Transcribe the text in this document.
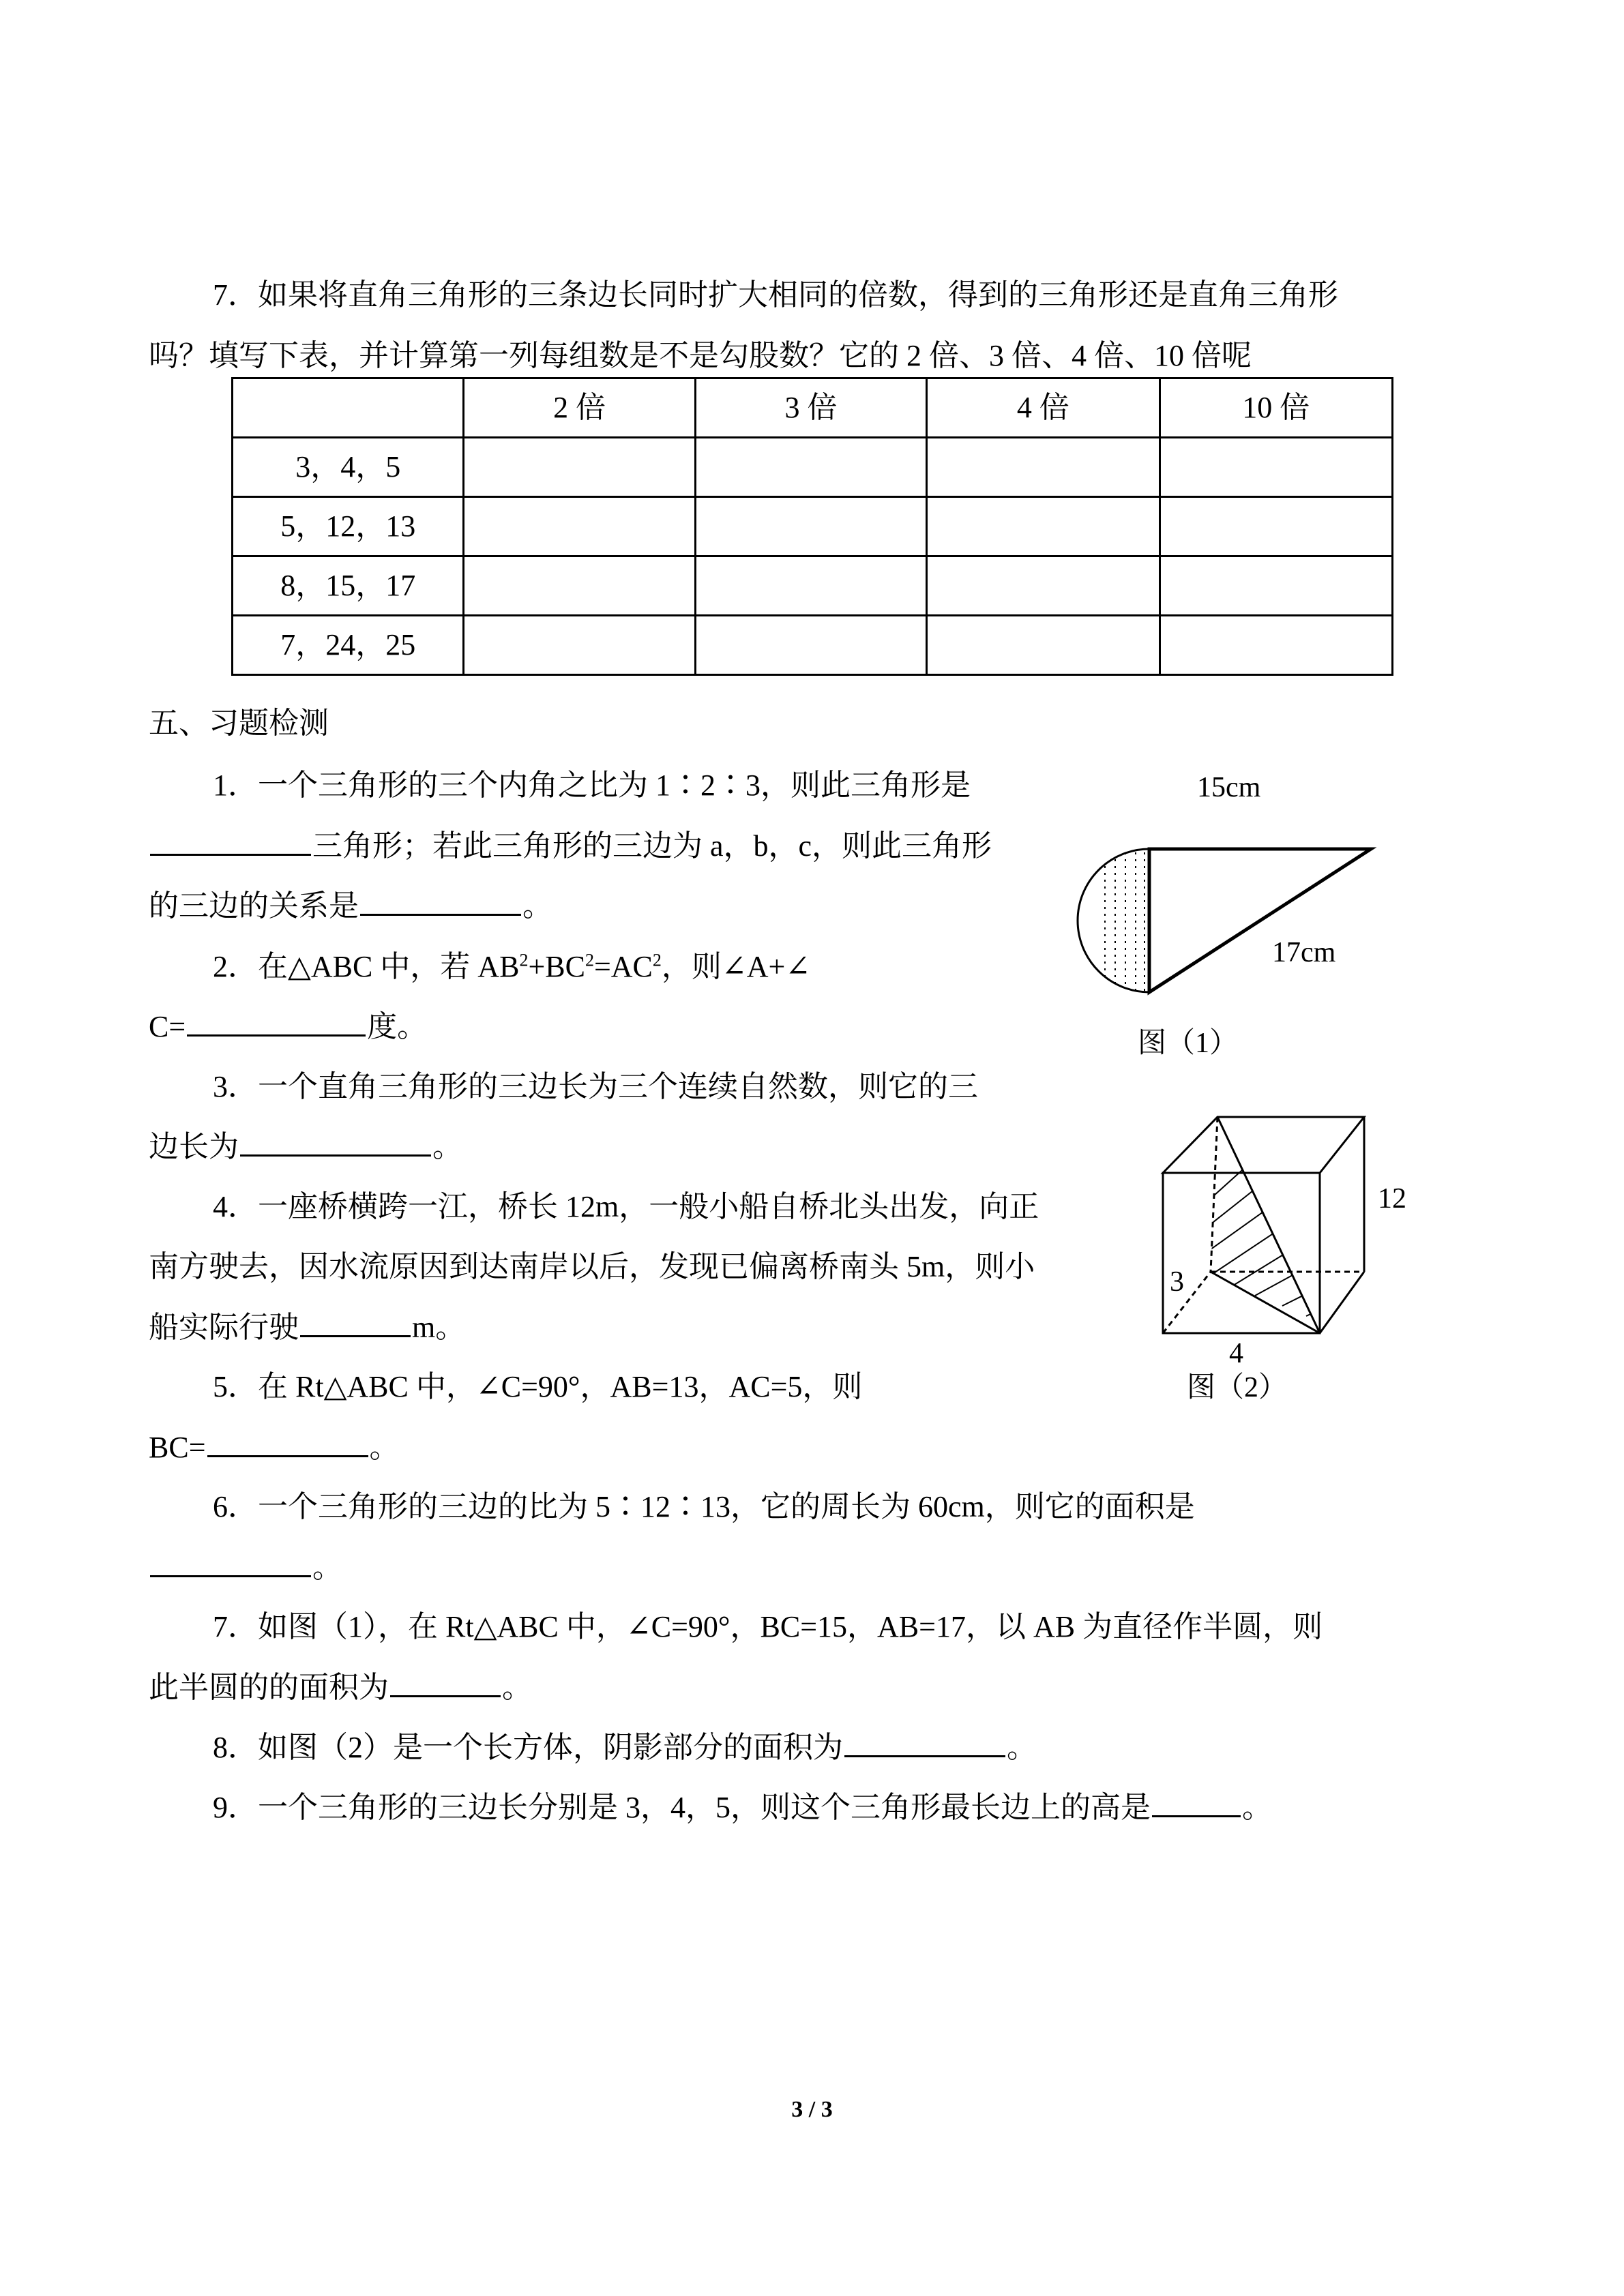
7．如果将直角三角形的三条边长同时扩大相同的倍数，得到的三角形还是直角三角形
吗？填写下表，并计算第一列每组数是不是勾股数？它的 2 倍、3 倍、4 倍、10 倍呢
	2 倍	3 倍	4 倍	10 倍
3，4，5				
5，12，13				
8，15，17				
7，24，25				
五、习题检测
1．一个三角形的三个内角之比为 1∶2∶3，则此三角形是
三角形；若此三角形的三边为 a，b，c，则此三角形
的三边的关系是	。
2．在△ABC 中，若 $AB^2+BC^2=AC^2$，则∠A+∠
C=	度。
3．一个直角三角形的三边长为三个连续自然数，则它的三
边长为	。
4．一座桥横跨一江，桥长 12m，一般小船自桥北头出发，向正
南方驶去，因水流原因到达南岸以后，发现已偏离桥南头 5m，则小
船实际行驶	m。
5．在 Rt△ABC 中，∠C=90°，AB=13，AC=5，则
BC=	。
6．一个三角形的三边的比为 5∶12∶13，它的周长为 60cm，则它的面积是
。
7．如图（1），在 Rt△ABC 中，∠C=90°，BC=15，AB=17，以 AB 为直径作半圆，则
此半圆的的面积为	。
8．如图（2）是一个长方体，阴影部分的面积为	。
9．一个三角形的三边长分别是 3，4，5，则这个三角形最长边上的高是	。
15cm
17cm
图（1）
12
3
4
图（2）
3 / 3
